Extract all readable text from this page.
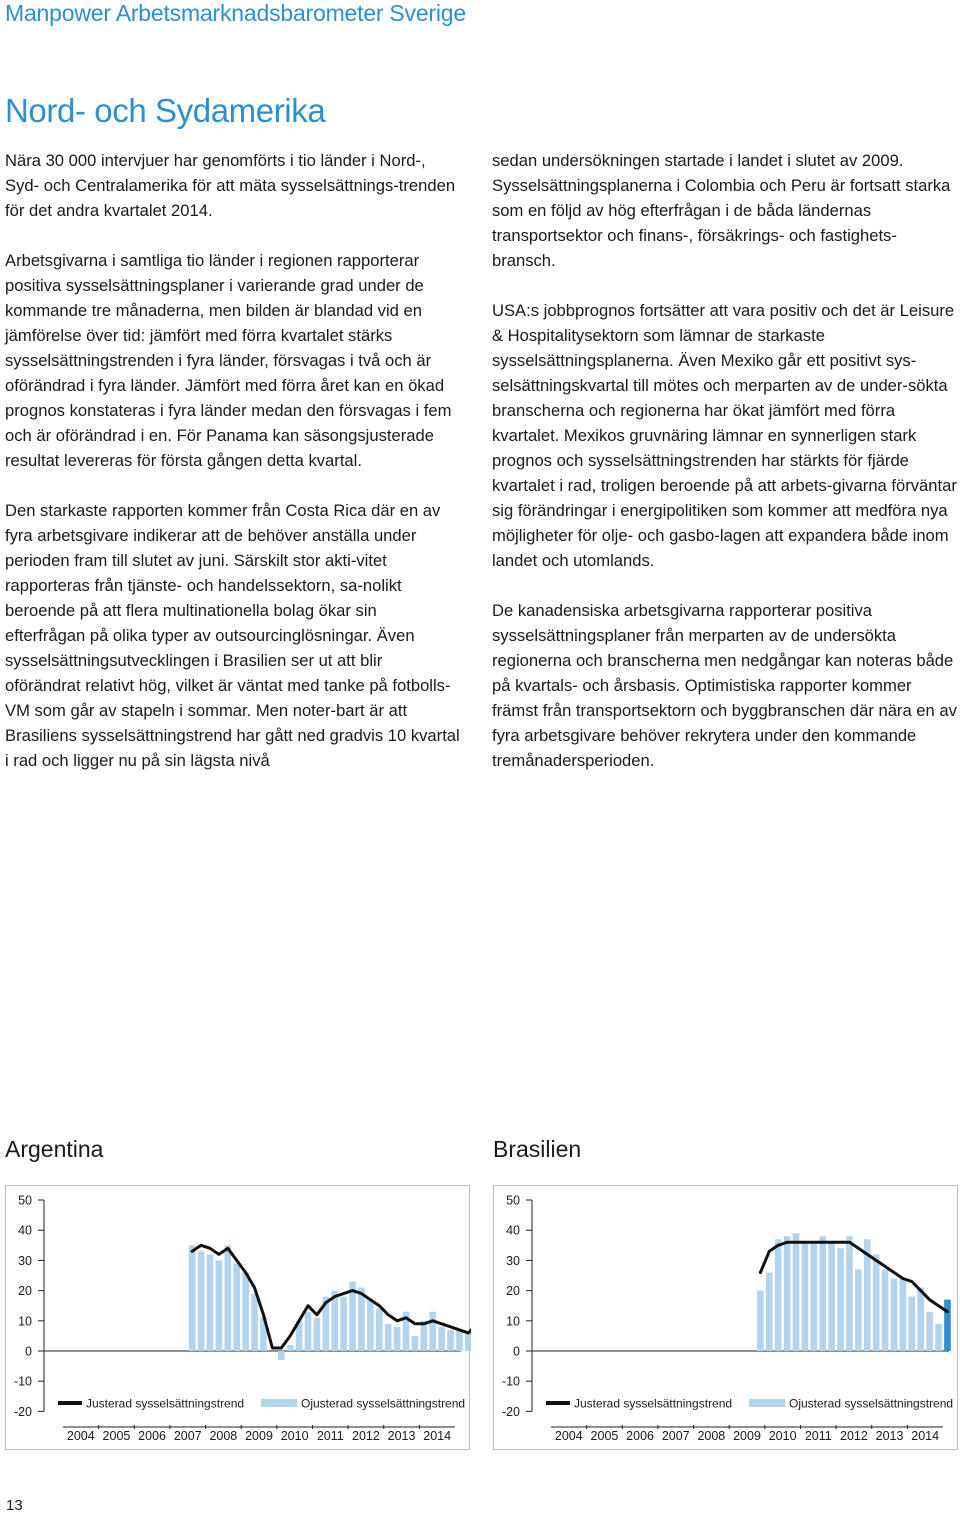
Manpower Arbetsmarknadsbarometer Sverige
Nord- och Sydamerika

Nära 30 000 intervjuer har genomförts i tio länder i Nord-, Syd- och Centralamerika för att mäta sysselsättnings-trenden för det andra kvartalet 2014.

Arbetsgivarna i samtliga tio länder i regionen rapporterar positiva sysselsättningsplaner i varierande grad under de kommande tre månaderna, men bilden är blandad vid en jämförelse över tid: jämfört med förra kvartalet stärks sysselsättningstrenden i fyra länder, försvagas i två och är oförändrad i fyra länder. Jämfört med förra året kan en ökad prognos konstateras i fyra länder medan den försvagas i fem och är oförändrad i en. För Panama kan säsongsjusterade resultat levereras för första gången detta kvartal.

Den starkaste rapporten kommer från Costa Rica där en av fyra arbetsgivare indikerar att de behöver anställa under perioden fram till slutet av juni. Särskilt stor akti-vitet rapporteras från tjänste- och handelssektorn, sa-nolikt beroende på att flera multinationella bolag ökar sin efterfrågan på olika typer av outsourcinglösningar. Även sysselsättningsutvecklingen i Brasilien ser ut att blir oförändrat relativt hög, vilket är väntat med tanke på fotbolls-VM som går av stapeln i sommar. Men noter-bart är att Brasiliens sysselsättningstrend har gått ned gradvis 10 kvartal i rad och ligger nu på sin lägsta nivå

sedan undersökningen startade i landet i slutet av 2009. Sysselsättningsplanerna i Colombia och Peru är fortsatt starka som en följd av hög efterfrågan i de båda ländernas transportsektor och finans-, försäkrings- och fastighets-bransch.

USA:s jobbprognos fortsätter att vara positiv och det är Leisure & Hospitalitysektorn som lämnar de starkaste sysselsättningsplanerna. Även Mexiko går ett positivt sys-selsättningskvartal till mötes och merparten av de under-sökta branscherna och regionerna har ökat jämfört med förra kvartalet. Mexikos gruvnäring lämnar en synnerligen stark prognos och sysselsättningstrenden har stärkts för fjärde kvartalet i rad, troligen beroende på att arbets-givarna förväntar sig förändringar i energipolitiken som kommer att medföra nya möjligheter för olje- och gasbo-lagen att expandera både inom landet och utomlands.

De kanadensiska arbetsgivarna rapporterar positiva sysselsättningsplaner från merparten av de undersökta regionerna och branscherna men nedgångar kan noteras både på kvartals- och årsbasis. Optimistiska rapporter kommer främst från transportsektorn och byggbranschen där nära en av fyra arbetsgivare behöver rekrytera under den kommande tremånadersperioden.

Argentina
50
40
30
20
10
0
-10
-20
2004 2005 2006 2007 2008 2009 2010 2011 2012 2013 2014
Justerad sysselsättningstrend	Ojusterad sysselsättningstrend
Brasilien
50
40
30
20
10
0
-10
-20
2004 2005 2006 2007 2008 2009 2010 2011 2012 2013 2014
Justerad sysselsättningstrend	Ojusterad sysselsättningstrend
13
